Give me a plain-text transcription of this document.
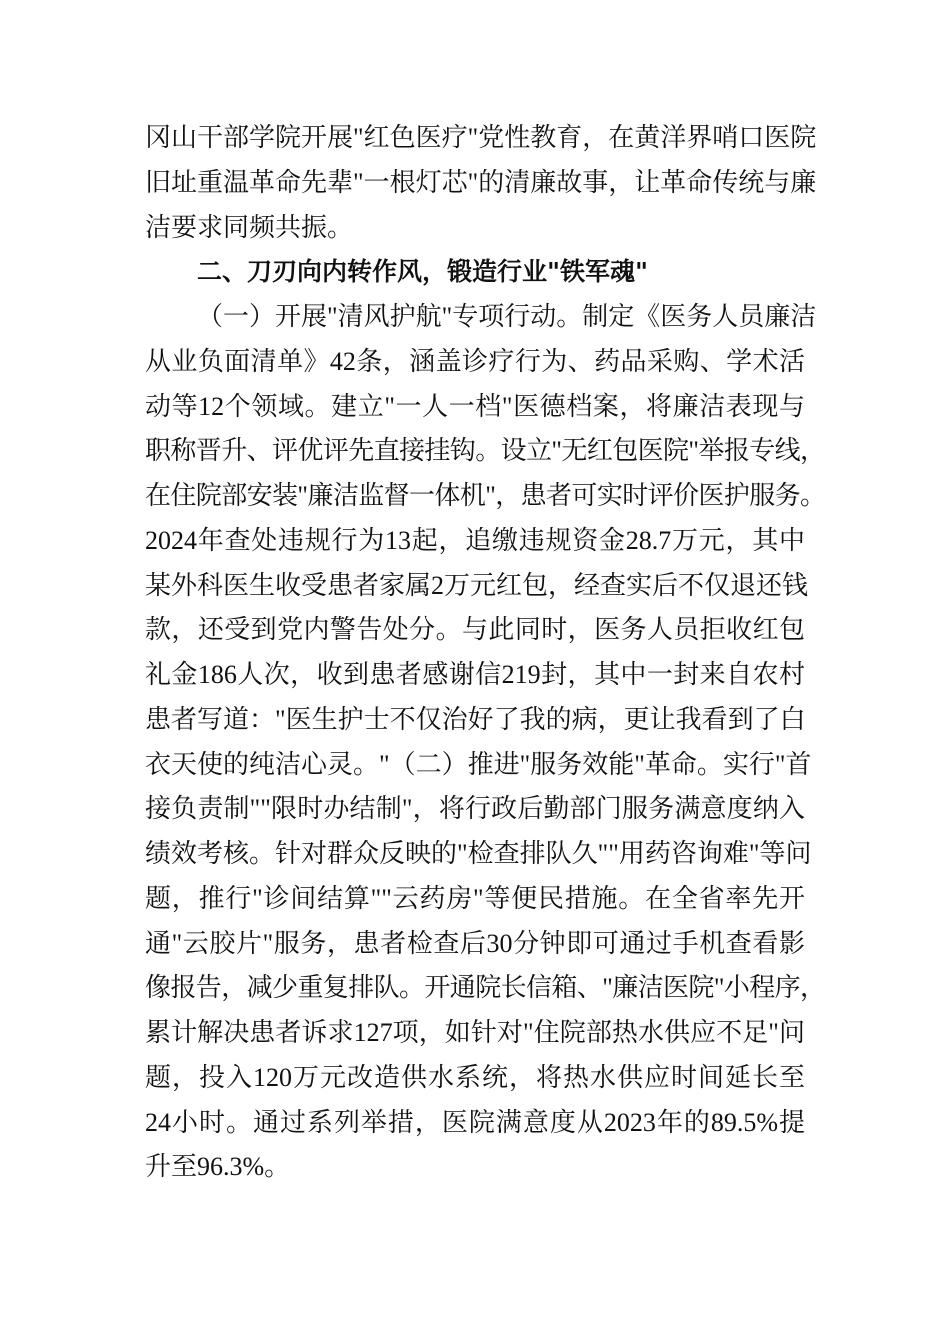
冈山干部学院开展"红色医疗"党性教育，在黄洋界哨口医院
旧址重温革命先辈"一根灯芯"的清廉故事，让革命传统与廉
洁要求同频共振。
二、刀刃向内转作风，锻造行业"铁军魂"
（一）开展"清风护航"专项行动。制定《医务人员廉洁
从业负面清单》42条，涵盖诊疗行为、药品采购、学术活
动等12个领域。建立"一人一档"医德档案，将廉洁表现与
职称晋升、评优评先直接挂钩。设立"无红包医院"举报专线，
在住院部安装"廉洁监督一体机"，患者可实时评价医护服务。
2024年查处违规行为13起，追缴违规资金28.7万元，其中
某外科医生收受患者家属2万元红包，经查实后不仅退还钱
款，还受到党内警告处分。与此同时，医务人员拒收红包
礼金186人次，收到患者感谢信219封，其中一封来自农村
患者写道："医生护士不仅治好了我的病，更让我看到了白
衣天使的纯洁心灵。"（二）推进"服务效能"革命。实行"首
接负责制""限时办结制"，将行政后勤部门服务满意度纳入
绩效考核。针对群众反映的"检查排队久""用药咨询难"等问
题，推行"诊间结算""云药房"等便民措施。在全省率先开
通"云胶片"服务，患者检查后30分钟即可通过手机查看影
像报告，减少重复排队。开通院长信箱、"廉洁医院"小程序，
累计解决患者诉求127项，如针对"住院部热水供应不足"问
题，投入120万元改造供水系统，将热水供应时间延长至
24小时。通过系列举措，医院满意度从2023年的89.5%提
升至96.3%。
